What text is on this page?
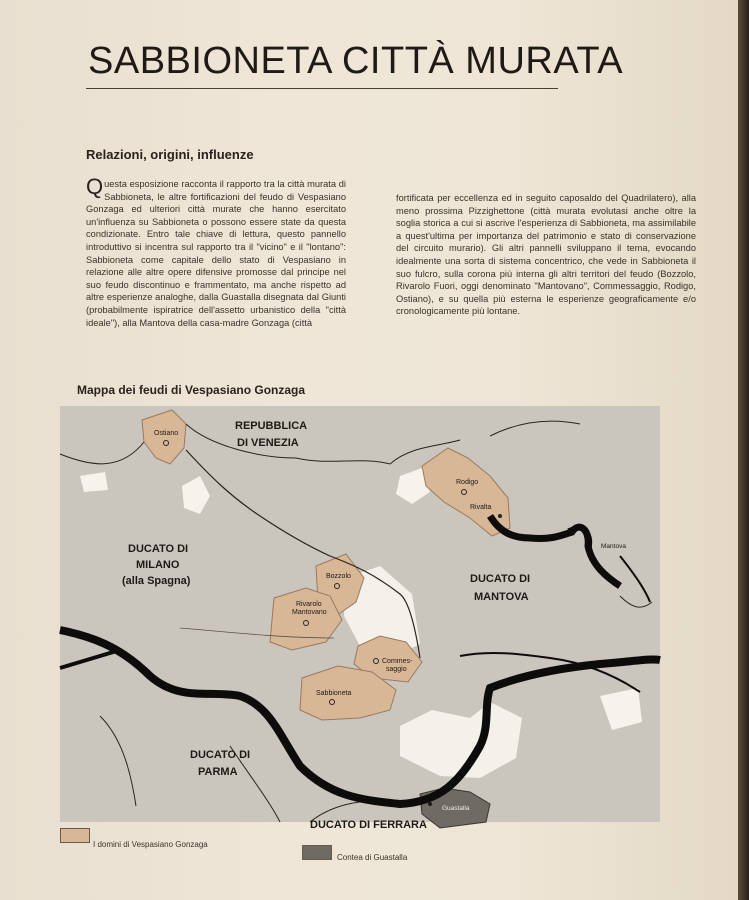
SABBIONETA CITTÀ MURATA
Relazioni, origini, influenze
Questa esposizione racconta il rapporto tra la città murata di Sabbioneta, le altre fortificazioni del feudo di Vespasiano Gonzaga ed ulteriori città murate che hanno esercitato un'influenza su Sabbioneta o possono essere state da questa condizionate. Entro tale chiave di lettura, questo pannello introduttivo si incentra sul rapporto tra il "vicino" e il "lontano": Sabbioneta come capitale dello stato di Vespasiano in relazione alle altre opere difensive promosse dal principe nel suo feudo discontinuo e frammentato, ma anche rispetto ad altre esperienze analoghe, dalla Guastalla disegnata dal Giunti (probabilmente ispiratrice dell'assetto urbanistico della "città ideale"), alla Mantova della casa-madre Gonzaga (città
fortificata per eccellenza ed in seguito caposaldo del Quadrilatero), alla meno prossima Pizzighettone (città murata evolutasi anche oltre la soglia storica a cui si ascrive l'esperienza di Sabbioneta, ma assimilabile a quest'ultima per importanza del patrimonio e stato di conservazione del circuito murario). Gli altri pannelli sviluppano il tema, evocando idealmente una sorta di sistema concentrico, che vede in Sabbioneta il suo fulcro, sulla corona più interna gli altri territori del feudo (Bozzolo, Rivarolo Fuori, oggi denominato "Mantovano", Commessaggio, Rodigo, Ostiano), e su quella più esterna le esperienze geograficamente e/o cronologicamente più lontane.
Mappa dei feudi di Vespasiano Gonzaga
Ostiano
Rodigo
Rivalta
Mantova
Bozzolo
Rivarolo
Mantovano
Commes-
saggio
Sabbioneta
Guastalla
REPUBBLICA
DI VENEZIA
DUCATO DI
MILANO
(alla Spagna)	DUCATO DI
MANTOVA
DUCATO DI
PARMA
DUCATO DI FERRARA
I domini di Vespasiano Gonzaga
Contea di Guastalla
